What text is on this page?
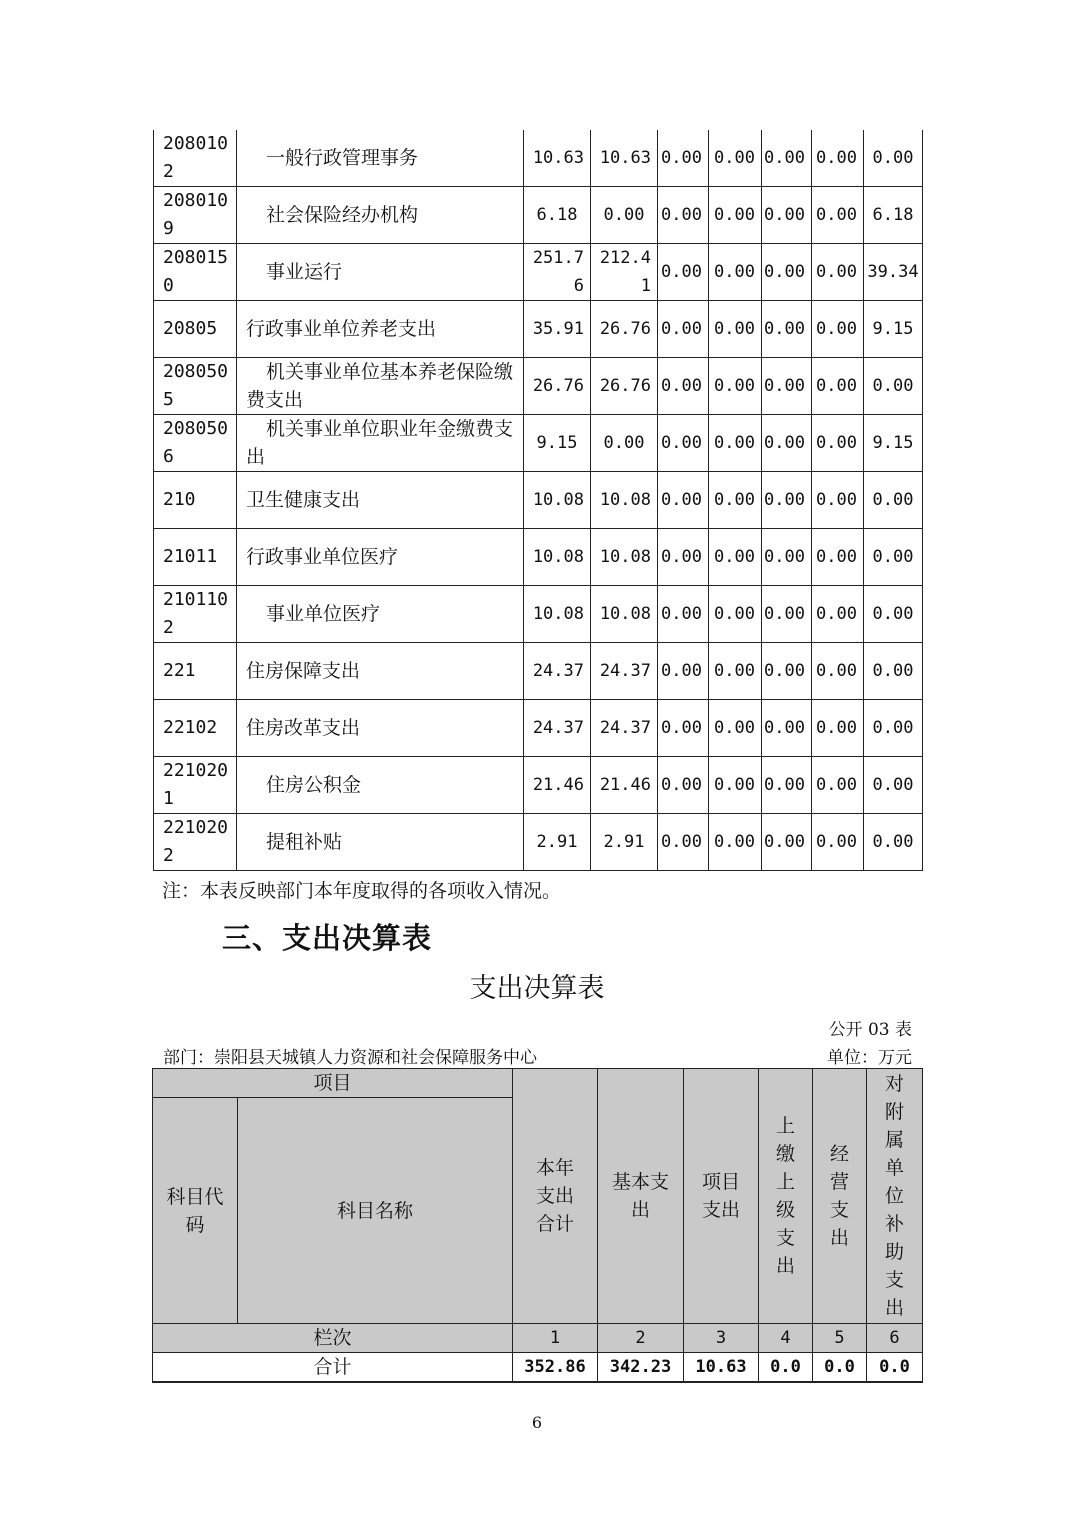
2080102	一般行政管理事务	10.63	10.63	0.00	0.00	0.00	0.00	0.00
2080109	社会保险经办机构	6.18	0.00	0.00	0.00	0.00	0.00	6.18
2080150	事业运行	251.76	212.41	0.00	0.00	0.00	0.00	39.34
20805	行政事业单位养老支出	35.91	26.76	0.00	0.00	0.00	0.00	9.15
2080505	机关事业单位基本养老保险缴费支出	26.76	26.76	0.00	0.00	0.00	0.00	0.00
2080506	机关事业单位职业年金缴费支出	9.15	0.00	0.00	0.00	0.00	0.00	9.15
210	卫生健康支出	10.08	10.08	0.00	0.00	0.00	0.00	0.00
21011	行政事业单位医疗	10.08	10.08	0.00	0.00	0.00	0.00	0.00
2101102	事业单位医疗	10.08	10.08	0.00	0.00	0.00	0.00	0.00
221	住房保障支出	24.37	24.37	0.00	0.00	0.00	0.00	0.00
22102	住房改革支出	24.37	24.37	0.00	0.00	0.00	0.00	0.00
2210201	住房公积金	21.46	21.46	0.00	0.00	0.00	0.00	0.00
2210202	提租补贴	2.91	2.91	0.00	0.00	0.00	0.00	0.00
注：本表反映部门本年度取得的各项收入情况。
三、支出决算表
支出决算表
公开 03 表
部门：崇阳县天城镇人力资源和社会保障服务中心	单位：万元
项目		本年支出合计	基本支出	项目支出	上缴上级支出	经营支出	对附属单位补助支出
科目代码	科目名称						
栏次		1	2	3	4	5	6
合计		352.86	342.23	10.63	0.0	0.0	0.0
6
